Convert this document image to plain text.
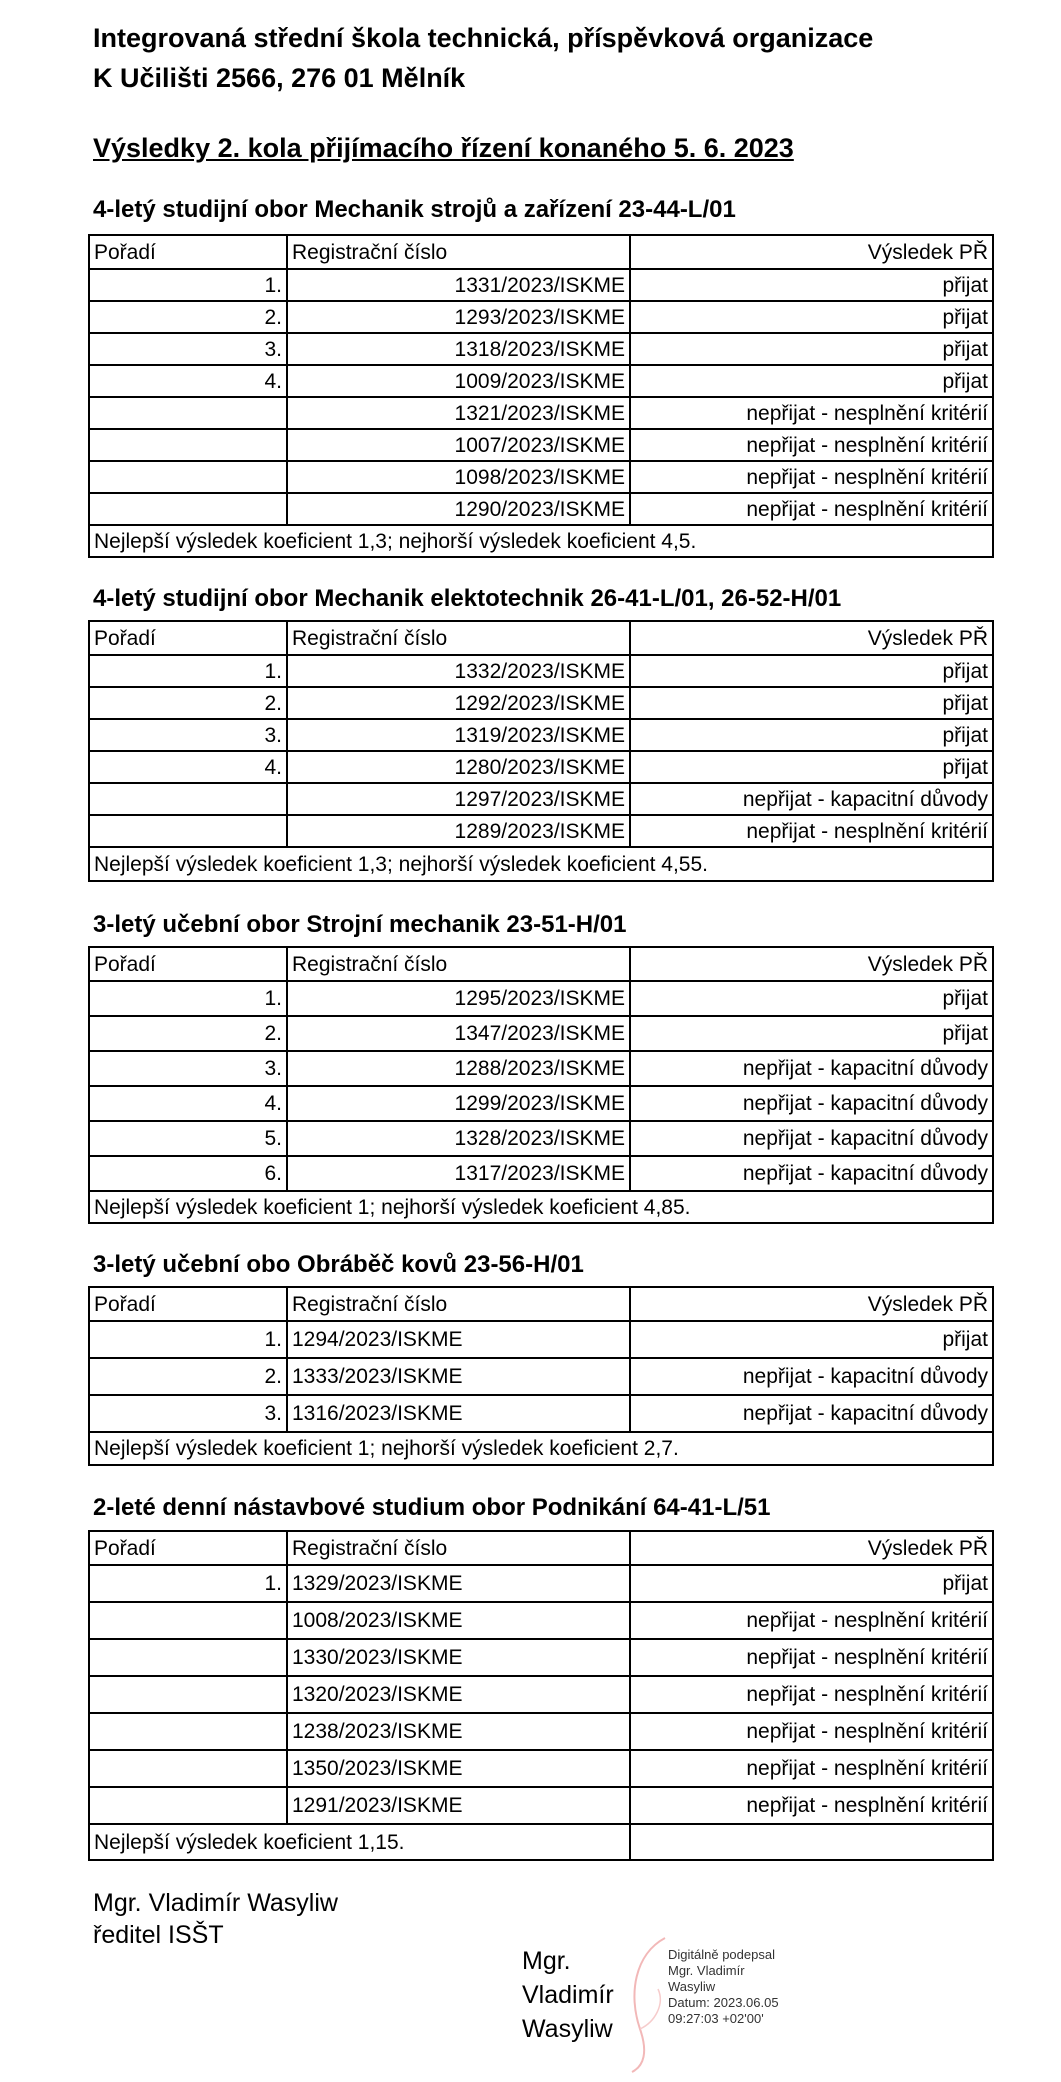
Integrovaná střední škola technická, příspěvková organizace
K Učilišti 2566, 276 01 Mělník
Výsledky 2. kola přijímacího řízení konaného 5. 6. 2023
4-letý studijní obor Mechanik strojů a zařízení 23-44-L/01
Pořadí	Registrační číslo	Výsledek PŘ
1.	1331/2023/ISKME	přijat
2.	1293/2023/ISKME	přijat
3.	1318/2023/ISKME	přijat
4.	1009/2023/ISKME	přijat
	1321/2023/ISKME	nepřijat - nesplnění kritérií
	1007/2023/ISKME	nepřijat - nesplnění kritérií
	1098/2023/ISKME	nepřijat - nesplnění kritérií
	1290/2023/ISKME	nepřijat - nesplnění kritérií
Nejlepší výsledek koeficient 1,3; nejhorší výsledek koeficient 4,5.		
4-letý studijní obor Mechanik elektotechnik 26-41-L/01, 26-52-H/01
Pořadí	Registrační číslo	Výsledek PŘ
1.	1332/2023/ISKME	přijat
2.	1292/2023/ISKME	přijat
3.	1319/2023/ISKME	přijat
4.	1280/2023/ISKME	přijat
	1297/2023/ISKME	nepřijat - kapacitní důvody
	1289/2023/ISKME	nepřijat - nesplnění kritérií
Nejlepší výsledek koeficient 1,3; nejhorší výsledek koeficient 4,55.		
3-letý učební obor Strojní mechanik 23-51-H/01
Pořadí	Registrační číslo	Výsledek PŘ
1.	1295/2023/ISKME	přijat
2.	1347/2023/ISKME	přijat
3.	1288/2023/ISKME	nepřijat - kapacitní důvody
4.	1299/2023/ISKME	nepřijat - kapacitní důvody
5.	1328/2023/ISKME	nepřijat - kapacitní důvody
6.	1317/2023/ISKME	nepřijat - kapacitní důvody
Nejlepší výsledek koeficient 1; nejhorší výsledek koeficient 4,85.		
3-letý učební obo Obráběč kovů 23-56-H/01
Pořadí	Registrační číslo	Výsledek PŘ
1.	1294/2023/ISKME	přijat
2.	1333/2023/ISKME	nepřijat - kapacitní důvody
3.	1316/2023/ISKME	nepřijat - kapacitní důvody
Nejlepší výsledek koeficient 1; nejhorší výsledek koeficient 2,7.		
2-leté denní nástavbové studium obor Podnikání 64-41-L/51
Pořadí	Registrační číslo	Výsledek PŘ
1.	1329/2023/ISKME	přijat
	1008/2023/ISKME	nepřijat - nesplnění kritérií
	1330/2023/ISKME	nepřijat - nesplnění kritérií
	1320/2023/ISKME	nepřijat - nesplnění kritérií
	1238/2023/ISKME	nepřijat - nesplnění kritérií
	1350/2023/ISKME	nepřijat - nesplnění kritérií
	1291/2023/ISKME	nepřijat - nesplnění kritérií
Nejlepší výsledek koeficient 1,15.		
Mgr. Vladimír Wasyliw
ředitel ISŠT
Mgr.
Vladimír
Wasyliw
Digitálně podepsal
Mgr. Vladimír
Wasyliw
Datum: 2023.06.05
09:27:03 +02'00'
